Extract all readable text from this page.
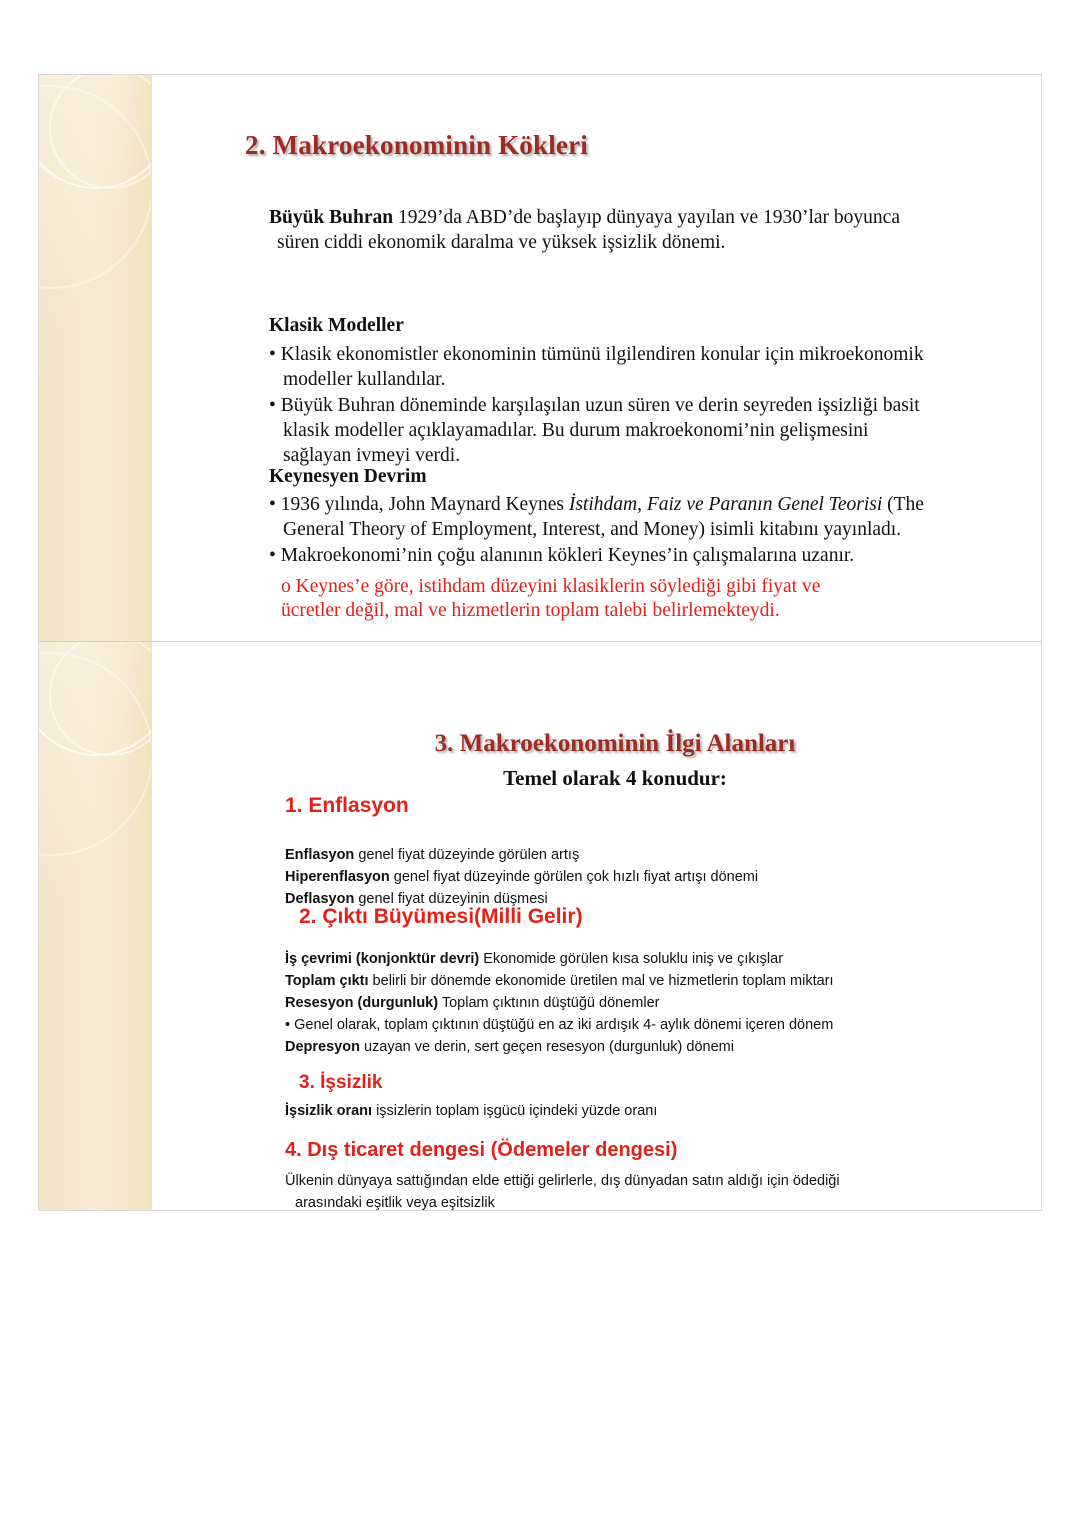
2. Makroekonominin Kökleri
Büyük Buhran 1929’da ABD’de başlayıp dünyaya yayılan ve 1930’lar boyunca
süren ciddi ekonomik daralma ve yüksek işsizlik dönemi.
Klasik Modeller
• Klasik ekonomistler ekonominin tümünü ilgilendiren konular için mikroekonomik
modeller kullandılar.
• Büyük Buhran döneminde karşılaşılan uzun süren ve derin seyreden işsizliği basit
klasik modeller açıklayamadılar. Bu durum makroekonomi’nin gelişmesini
sağlayan ivmeyi verdi.
Keynesyen Devrim
• 1936 yılında, John Maynard Keynes İstihdam, Faiz ve Paranın Genel Teorisi (The
General Theory of Employment, Interest, and Money) isimli kitabını yayınladı.
• Makroekonomi’nin çoğu alanının kökleri Keynes’in çalışmalarına uzanır.
o Keynes’e göre, istihdam düzeyini klasiklerin söylediği gibi fiyat ve
ücretler değil, mal ve hizmetlerin toplam talebi belirlemekteydi.
3. Makroekonominin İlgi Alanları
Temel olarak 4 konudur:
1. Enflasyon
Enflasyon genel fiyat düzeyinde görülen artış
Hiperenflasyon genel fiyat düzeyinde görülen çok hızlı fiyat artışı dönemi
Deflasyon genel fiyat düzeyinin düşmesi
2. Çıktı Büyümesi(Milli Gelir)
İş çevrimi (konjonktür devri) Ekonomide görülen kısa soluklu iniş ve çıkışlar
Toplam çıktı belirli bir dönemde ekonomide üretilen mal ve hizmetlerin toplam miktarı
Resesyon (durgunluk) Toplam çıktının düştüğü dönemler
• Genel olarak, toplam çıktının düştüğü en az iki ardışık 4- aylık dönemi içeren dönem
Depresyon uzayan ve derin, sert geçen resesyon (durgunluk) dönemi
3. İşsizlik
İşsizlik oranı işsizlerin toplam işgücü içindeki yüzde oranı
4. Dış ticaret dengesi (Ödemeler dengesi)
Ülkenin dünyaya sattığından elde ettiği gelirlerle, dış dünyadan satın aldığı için ödediği
arasındaki eşitlik veya eşitsizlik
